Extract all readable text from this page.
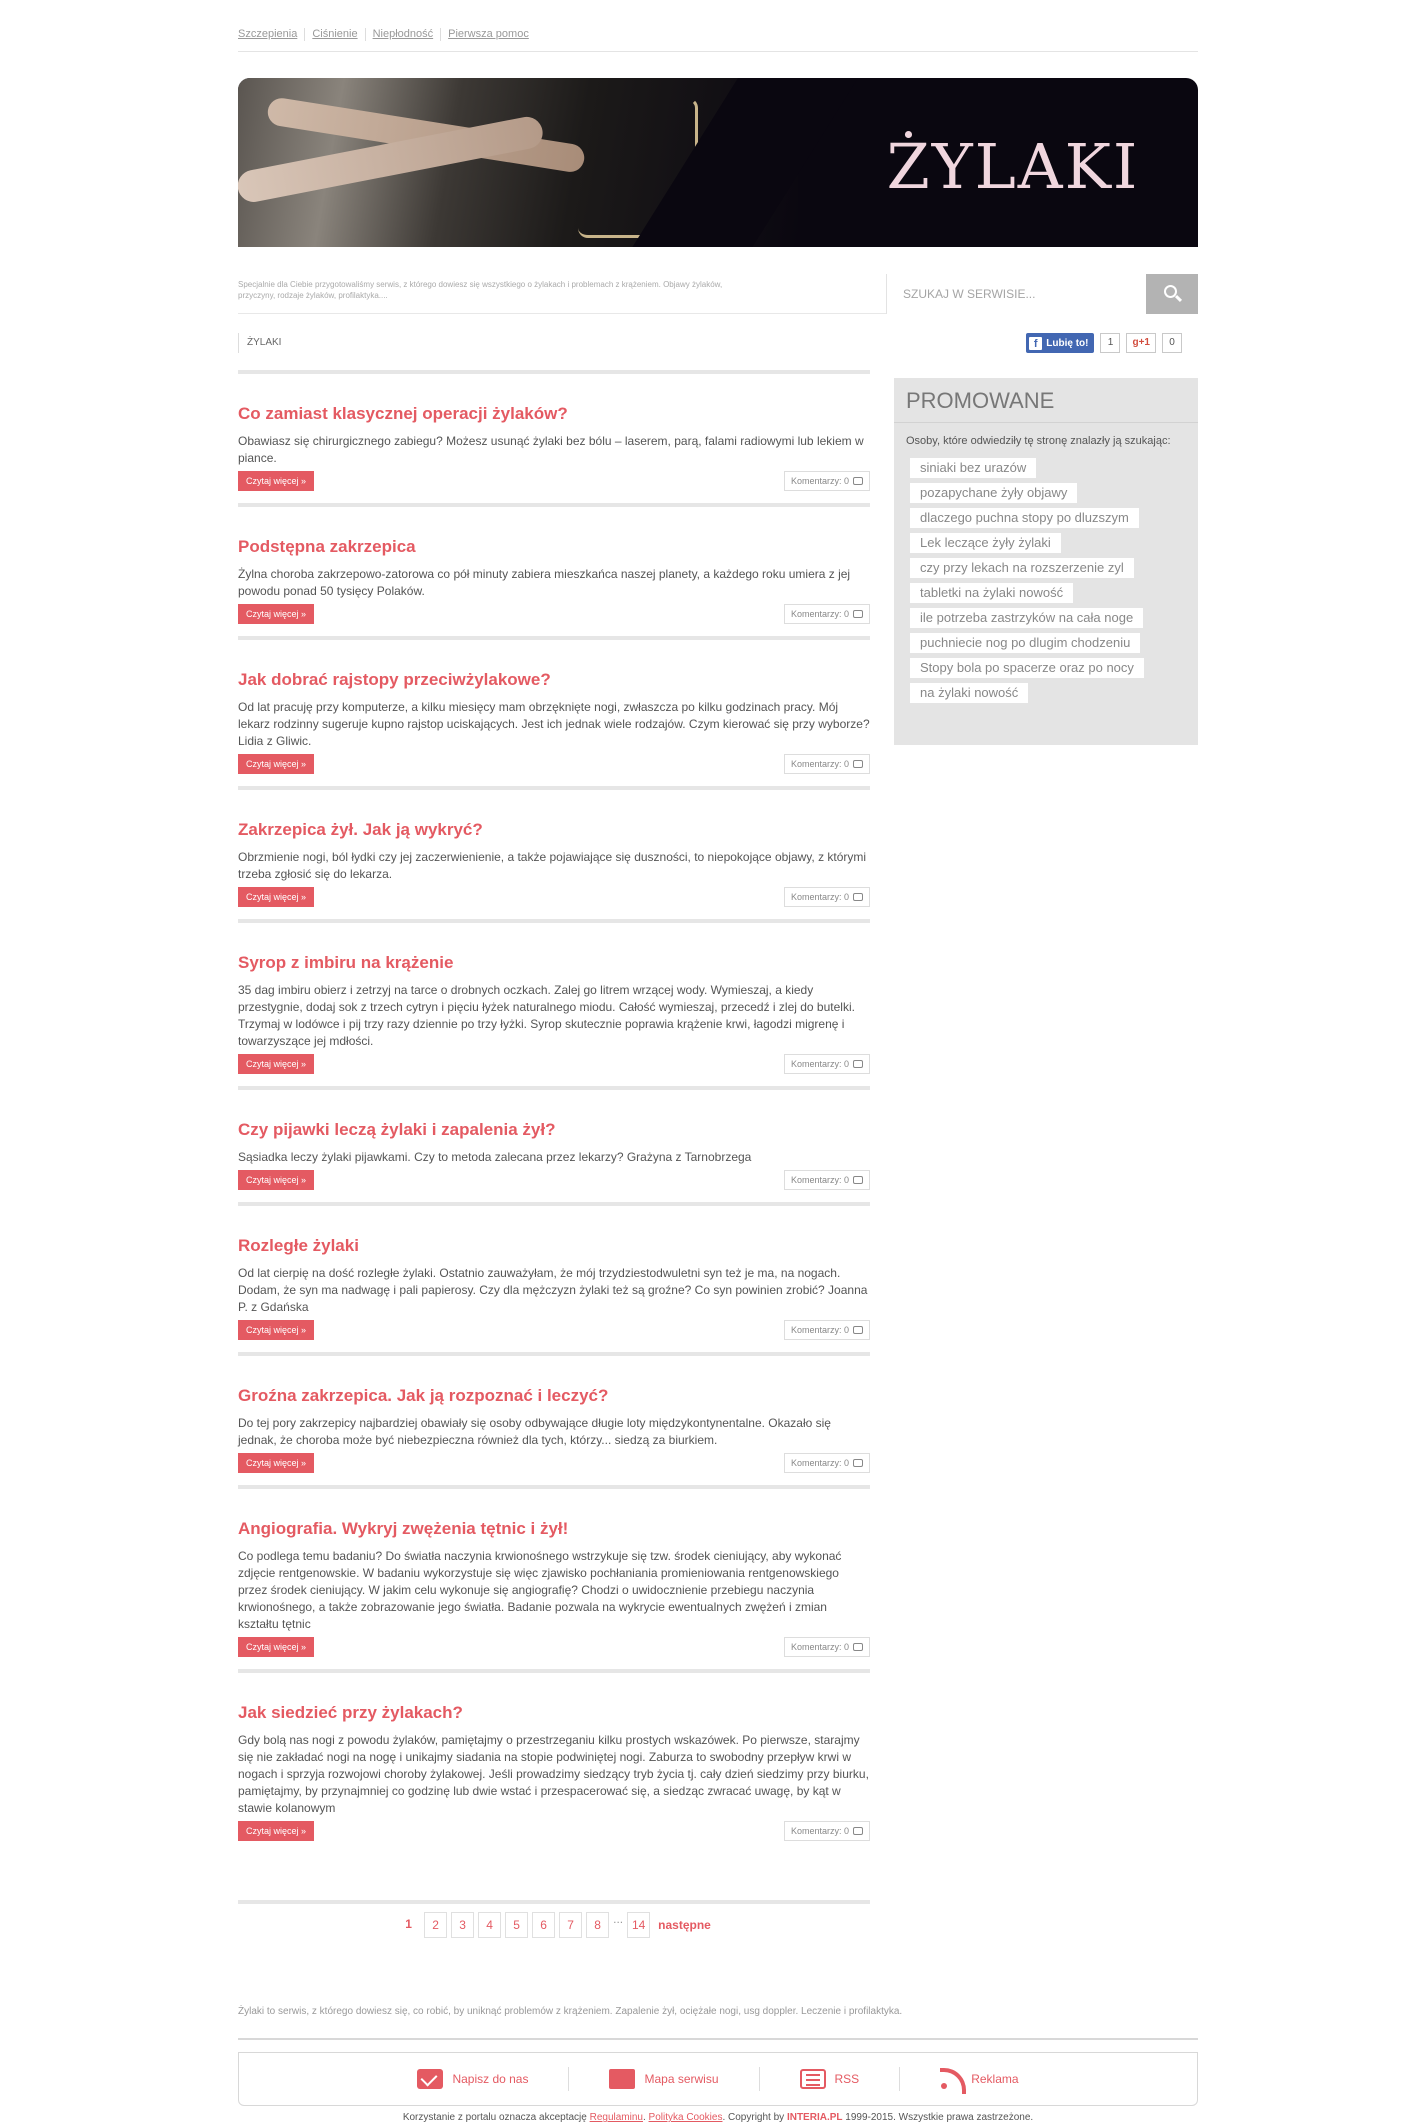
Szczepienia	Ciśnienie	Niepłodność	Pierwsza pomoc
ŻYLAKI
Specjalnie dla Ciebie przygotowaliśmy serwis, z którego dowiesz się wszystkiego o żylakach i problemach z krążeniem. Objawy żylaków, przyczyny, rodzaje żylaków, profilaktyka....
SZUKAJ W SERWISIE...
ŻYLAKI	f Lubię to!	1	g+1	0
Co zamiast klasycznej operacji żylaków?

Obawiasz się chirurgicznego zabiegu? Możesz usunąć żylaki bez bólu – laserem, parą, falami radiowymi lub lekiem w piance.

Czytaj więcej »	Komentarzy: 0
Podstępna zakrzepica

Żylna choroba zakrzepowo-zatorowa co pół minuty zabiera mieszkańca naszej planety, a każdego roku umiera z jej powodu ponad 50 tysięcy Polaków.

Czytaj więcej »	Komentarzy: 0
Jak dobrać rajstopy przeciwżylakowe?

Od lat pracuję przy komputerze, a kilku miesięcy mam obrzęknięte nogi, zwłaszcza po kilku godzinach pracy. Mój lekarz rodzinny sugeruje kupno rajstop uciskających. Jest ich jednak wiele rodzajów. Czym kierować się przy wyborze? Lidia z Gliwic.

Czytaj więcej »	Komentarzy: 0
Zakrzepica żył. Jak ją wykryć?

Obrzmienie nogi, ból łydki czy jej zaczerwienienie, a także pojawiające się duszności, to niepokojące objawy, z którymi trzeba zgłosić się do lekarza.

Czytaj więcej »	Komentarzy: 0
Syrop z imbiru na krążenie

35 dag imbiru obierz i zetrzyj na tarce o drobnych oczkach. Zalej go litrem wrzącej wody. Wymieszaj, a kiedy przestygnie, dodaj sok z trzech cytryn i pięciu łyżek naturalnego miodu. Całość wymieszaj, przecedź i zlej do butelki. Trzymaj w lodówce i pij trzy razy dziennie po trzy łyżki. Syrop skutecznie poprawia krążenie krwi, łagodzi migrenę i towarzyszące jej mdłości.

Czytaj więcej »	Komentarzy: 0
Czy pijawki leczą żylaki i zapalenia żył?

Sąsiadka leczy żylaki pijawkami. Czy to metoda zalecana przez lekarzy? Grażyna z Tarnobrzega

Czytaj więcej »	Komentarzy: 0
Rozległe żylaki

Od lat cierpię na dość rozległe żylaki. Ostatnio zauważyłam, że mój trzydziestodwuletni syn też je ma, na nogach. Dodam, że syn ma nadwagę i pali papierosy. Czy dla mężczyzn żylaki też są groźne? Co syn powinien zrobić? Joanna P. z Gdańska

Czytaj więcej »	Komentarzy: 0
Groźna zakrzepica. Jak ją rozpoznać i leczyć?

Do tej pory zakrzepicy najbardziej obawiały się osoby odbywające długie loty międzykontynentalne. Okazało się jednak, że choroba może być niebezpieczna również dla tych, którzy... siedzą za biurkiem.

Czytaj więcej »	Komentarzy: 0
Angiografia. Wykryj zwężenia tętnic i żył!

Co podlega temu badaniu? Do światła naczynia krwionośnego wstrzykuje się tzw. środek cieniujący, aby wykonać zdjęcie rentgenowskie. W badaniu wykorzystuje się więc zjawisko pochłaniania promieniowania rentgenowskiego przez środek cieniujący. W jakim celu wykonuje się angiografię? Chodzi o uwidocznienie przebiegu naczynia krwionośnego, a także zobrazowanie jego światła. Badanie pozwala na wykrycie ewentualnych zwężeń i zmian kształtu tętnic

Czytaj więcej »	Komentarzy: 0
Jak siedzieć przy żylakach?

Gdy bolą nas nogi z powodu żylaków, pamiętajmy o przestrzeganiu kilku prostych wskazówek. Po pierwsze, starajmy się nie zakładać nogi na nogę i unikajmy siadania na stopie podwiniętej nogi. Zaburza to swobodny przepływ krwi w nogach i sprzyja rozwojowi choroby żylakowej. Jeśli prowadzimy siedzący tryb życia tj. cały dzień siedzimy przy biurku, pamiętajmy, by przynajmniej co godzinę lub dwie wstać i przespacerować się, a siedząc zwracać uwagę, by kąt w stawie kolanowym

Czytaj więcej »	Komentarzy: 0
1	2	3	4	5	6	7	8	... 14	następne
PROMOWANE
Osoby, które odwiedziły tę stronę znalazły ją szukając:
siniaki bez urazów
pozapychane żyły objawy
dlaczego puchna stopy po dluzszym
Lek leczące żyły żylaki
czy przy lekach na rozszerzenie zyl
tabletki na żylaki nowość
ile potrzeba zastrzyków na cała noge
puchniecie nog po dlugim chodzeniu
Stopy bola po spacerze oraz po nocy
na żylaki nowość
Żylaki to serwis, z którego dowiesz się, co robić, by uniknąć problemów z krążeniem. Zapalenie żył, ociężałe nogi, usg doppler. Leczenie i profilaktyka.
Napisz do nas	Mapa serwisu	RSS	Reklama
Korzystanie z portalu oznacza akceptację Regulaminu. Polityka Cookies. Copyright by INTERIA.PL 1999-2015. Wszystkie prawa zastrzeżone.
